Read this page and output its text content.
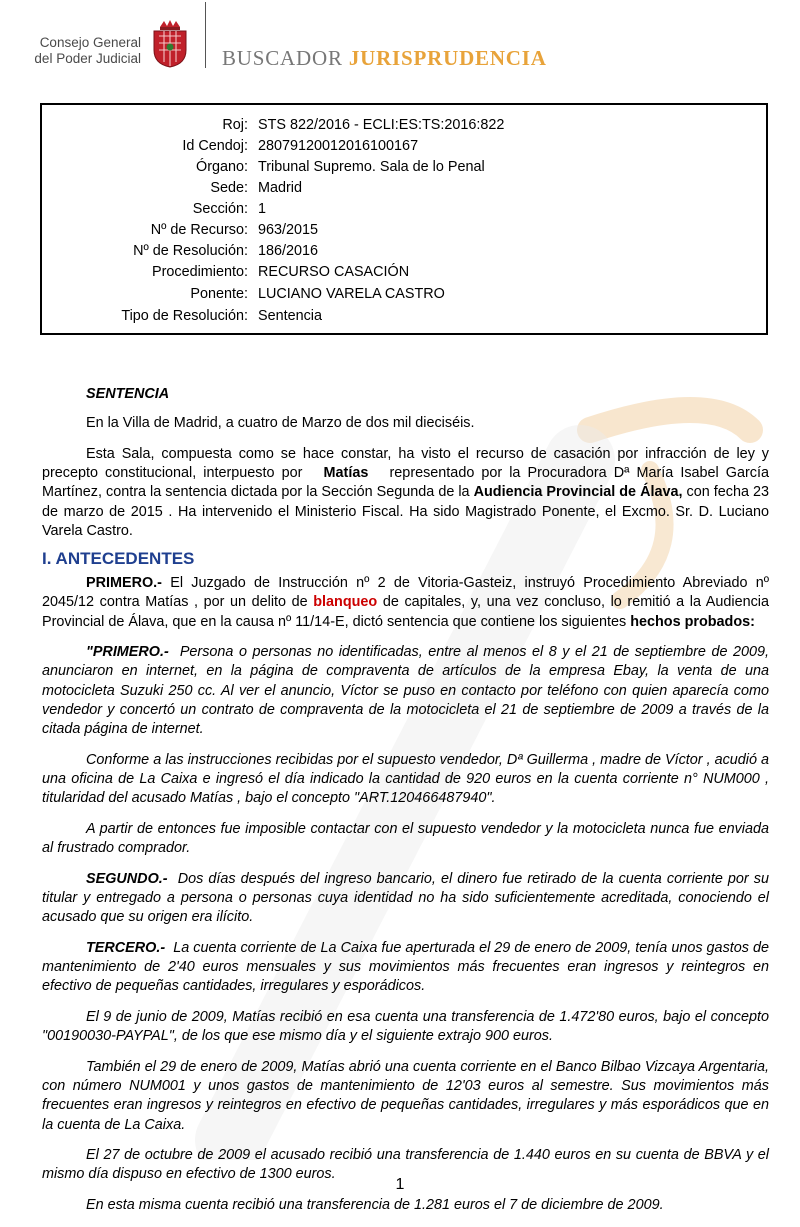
Consejo General
del Poder Judicial	BUSCADOR JURISPRUDENCIA
Roj: STS 822/2016 - ECLI:ES:TS:2016:822
Id Cendoj: 28079120012016100167
Órgano: Tribunal Supremo. Sala de lo Penal
Sede: Madrid
Sección: 1
Nº de Recurso: 963/2015
Nº de Resolución: 186/2016
Procedimiento: RECURSO CASACIÓN
Ponente: LUCIANO VARELA CASTRO
Tipo de Resolución: Sentencia

SENTENCIA

En la Villa de Madrid, a cuatro de Marzo de dos mil dieciséis.

Esta Sala, compuesta como se hace constar, ha visto el recurso de casación por infracción de ley y precepto constitucional, interpuesto por Matías representado por la Procuradora Dª María Isabel García Martínez, contra la sentencia dictada por la Sección Segunda de la Audiencia Provincial de Álava, con fecha 23 de marzo de 2015 . Ha intervenido el Ministerio Fiscal. Ha sido Magistrado Ponente, el Excmo. Sr. D. Luciano Varela Castro.

I. ANTECEDENTES

PRIMERO.- El Juzgado de Instrucción nº 2 de Vitoria-Gasteiz, instruyó Procedimiento Abreviado nº 2045/12 contra Matías , por un delito de blanqueo de capitales, y, una vez concluso, lo remitió a la Audiencia Provincial de Álava, que en la causa nº 11/14-E, dictó sentencia que contiene los siguientes hechos probados:

"PRIMERO.- Persona o personas no identificadas, entre al menos el 8 y el 21 de septiembre de 2009, anunciaron en internet, en la página de compraventa de artículos de la empresa Ebay, la venta de una motocicleta Suzuki 250 cc. Al ver el anuncio, Víctor se puso en contacto por teléfono con quien aparecía como vendedor y concertó un contrato de compraventa de la motocicleta el 21 de septiembre de 2009 a través de la citada página de internet.

Conforme a las instrucciones recibidas por el supuesto vendedor, Dª Guillerma , madre de Víctor , acudió a una oficina de La Caixa e ingresó el día indicado la cantidad de 920 euros en la cuenta corriente n° NUM000 , titularidad del acusado Matías , bajo el concepto "ART.120466487940".

A partir de entonces fue imposible contactar con el supuesto vendedor y la motocicleta nunca fue enviada al frustrado comprador.

SEGUNDO.- Dos días después del ingreso bancario, el dinero fue retirado de la cuenta corriente por su titular y entregado a persona o personas cuya identidad no ha sido suficientemente acreditada, conociendo el acusado que su origen era ilícito.

TERCERO.- La cuenta corriente de La Caixa fue aperturada el 29 de enero de 2009, tenía unos gastos de mantenimiento de 2'40 euros mensuales y sus movimientos más frecuentes eran ingresos y reintegros en efectivo de pequeñas cantidades, irregulares y esporádicos.

El 9 de junio de 2009, Matías recibió en esa cuenta una transferencia de 1.472'80 euros, bajo el concepto "00190030-PAYPAL", de los que ese mismo día y el siguiente extrajo 900 euros.

También el 29 de enero de 2009, Matías abrió una cuenta corriente en el Banco Bilbao Vizcaya Argentaria, con número NUM001 y unos gastos de mantenimiento de 12'03 euros al semestre. Sus movimientos más frecuentes eran ingresos y reintegros en efectivo de pequeñas cantidades, irregulares y más esporádicos que en la cuenta de La Caixa.

El 27 de octubre de 2009 el acusado recibió una transferencia de 1.440 euros en su cuenta de BBVA y el mismo día dispuso en efectivo de 1300 euros.

En esta misma cuenta recibió una transferencia de 1.281 euros el 7 de diciembre de 2009.

1
